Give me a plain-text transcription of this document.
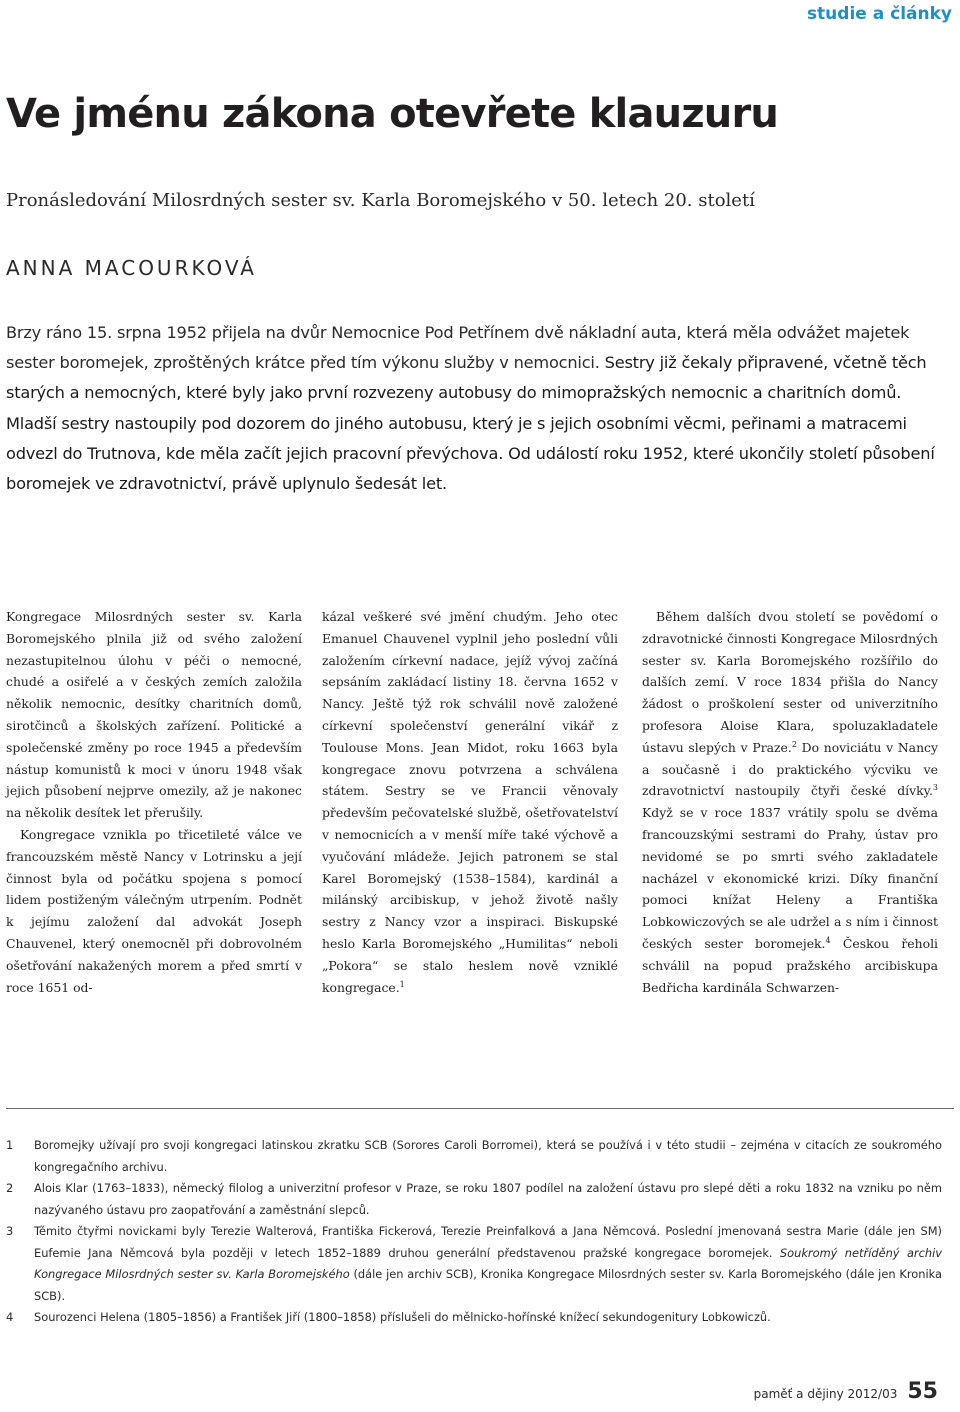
studie a články
Ve jménu zákona otevřete klauzuru
Pronásledování Milosrdných sester sv. Karla Boromejského v 50. letech 20. století
ANNA MACOURKOVÁ
Brzy ráno 15. srpna 1952 přijela na dvůr Nemocnice Pod Petřínem dvě nákladní auta, která měla odvážet majetek sester boromejek, zproštěných krátce před tím výkonu služby v nemocnici. Sestry již čekaly připravené, včetně těch starých a nemocných, které byly jako první rozvezeny autobusy do mimopražských nemocnic a charitních domů. Mladší sestry nastoupily pod dozorem do jiného autobusu, který je s jejich osobními věcmi, peřinami a matracemi odvezl do Trutnova, kde měla začít jejich pracovní převýchova. Od událostí roku 1952, které ukončily století působení boromejek ve zdravotnictví, právě uplynulo šedesát let.

Kongregace Milosrdných sester sv. Karla Boromejského plnila již od svého založení nezastupitelnou úlohu v péči o nemocné, chudé a osiřelé a v českých zemích založila několik nemocnic, desítky charitních domů, sirotčinců a školských zařízení. Politické a společenské změny po roce 1945 a především nástup komunistů k moci v únoru 1948 však jejich působení nejprve omezily, až je nakonec na několik desítek let přerušily.

Kongregace vznikla po třicetileté válce ve francouzském městě Nancy v Lotrinsku a její činnost byla od počátku spojena s pomocí lidem postiženým válečným utrpením. Podnět k jejímu založení dal advokát Joseph Chauvenel, který onemocněl při dobrovolném ošetřování nakažených morem a před smrtí v roce 1651 od-

kázal veškeré své jmění chudým. Jeho otec Emanuel Chauvenel vyplnil jeho poslední vůli založením církevní nadace, jejíž vývoj začíná sepsáním zakládací listiny 18. června 1652 v Nancy. Ještě týž rok schválil nově založené církevní společenství generální vikář z Toulouse Mons. Jean Midot, roku 1663 byla kongregace znovu potvrzena a schválena státem. Sestry se ve Francii věnovaly především pečovatelské službě, ošetřovatelství v nemocnicích a v menší míře také výchově a vyučování mládeže. Jejich patronem se stal Karel Boromejský (1538–1584), kardinál a milánský arcibiskup, v jehož životě našly sestry z Nancy vzor a inspiraci. Biskupské heslo Karla Boromejského „Humilitas“ neboli „Pokora“ se stalo heslem nově vzniklé kongregace.$^1$

Během dalších dvou století se povědomí o zdravotnické činnosti Kongregace Milosrdných sester sv. Karla Boromejského rozšířilo do dalších zemí. V roce 1834 přišla do Nancy žádost o proškolení sester od univerzitního profesora Aloise Klara, spoluzakladatele ústavu slepých v Praze.$^2$ Do noviciátu v Nancy a současně i do praktického výcviku ve zdravotnictví nastoupily čtyři české dívky.$^3$ Když se v roce 1837 vrátily spolu se dvěma francouzskými sestrami do Prahy, ústav pro nevidomé se po smrti svého zakladatele nacházel v ekonomické krizi. Díky finanční pomoci knížat Heleny a Františka Lobkowiczových se ale udržel a s ním i činnost českých sester boromejek.$^4$ Českou řeholi schválil na popud pražského arcibiskupa Bedřicha kardinála Schwarzen-

1	Boromejky užívají pro svoji kongregaci latinskou zkratku SCB (Sorores Caroli Borromei), která se používá i v této studii – zejména v citacích ze soukromého kongregačního archivu.
2	Alois Klar (1763–1833), německý filolog a univerzitní profesor v Praze, se roku 1807 podílel na založení ústavu pro slepé děti a roku 1832 na vzniku po něm nazývaného ústavu pro zaopatřování a zaměstnání slepců.
3	Těmito čtyřmi novickami byly Terezie Walterová, Františka Fickerová, Terezie Preinfalková a Jana Němcová. Poslední jmenovaná sestra Marie (dále jen SM) Eufemie Jana Němcová byla později v letech 1852–1889 druhou generální představenou pražské kongregace boromejek. Soukromý netříděný archiv Kongregace Milosrdných sester sv. Karla Boromejského (dále jen archiv SCB), Kronika Kongregace Milosrdných sester sv. Karla Boromejského (dále jen Kronika SCB).
4	Sourozenci Helena (1805–1856) a František Jiří (1800–1858) příslušeli do mělnicko-hořínské knížecí sekundogenitury Lobkowiczů.
paměť a dějiny 2012/03 55
